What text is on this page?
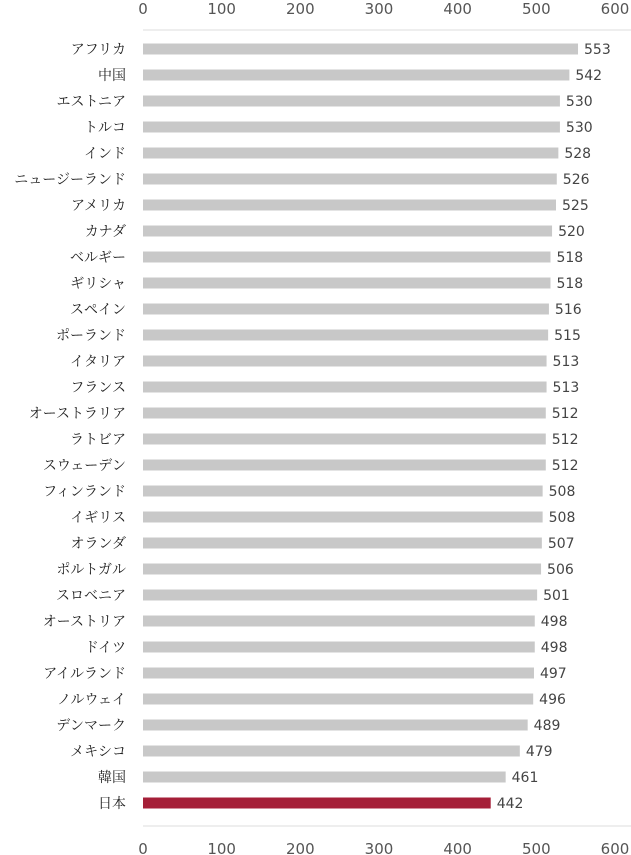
0	100	200	300	400	500	600
0	100	200	300	400	500	600
アフリカ
中国
エストニア
トルコ
インド
ニュージーランド
アメリカ
カナダ
ベルギー
ギリシャ
スペイン
ポーランド
イタリア
フランス
オーストラリア
ラトビア
スウェーデン
フィンランド
イギリス
オランダ
ポルトガル
スロベニア
オーストリア
ドイツ
アイルランド
ノルウェイ
デンマーク
メキシコ
韓国
日本
553
542
530
530
528
526
525
520
518
518
516
515
513
513
512
512
512
508
508
507
506
501
498
498
497
496
489
479
461
442
